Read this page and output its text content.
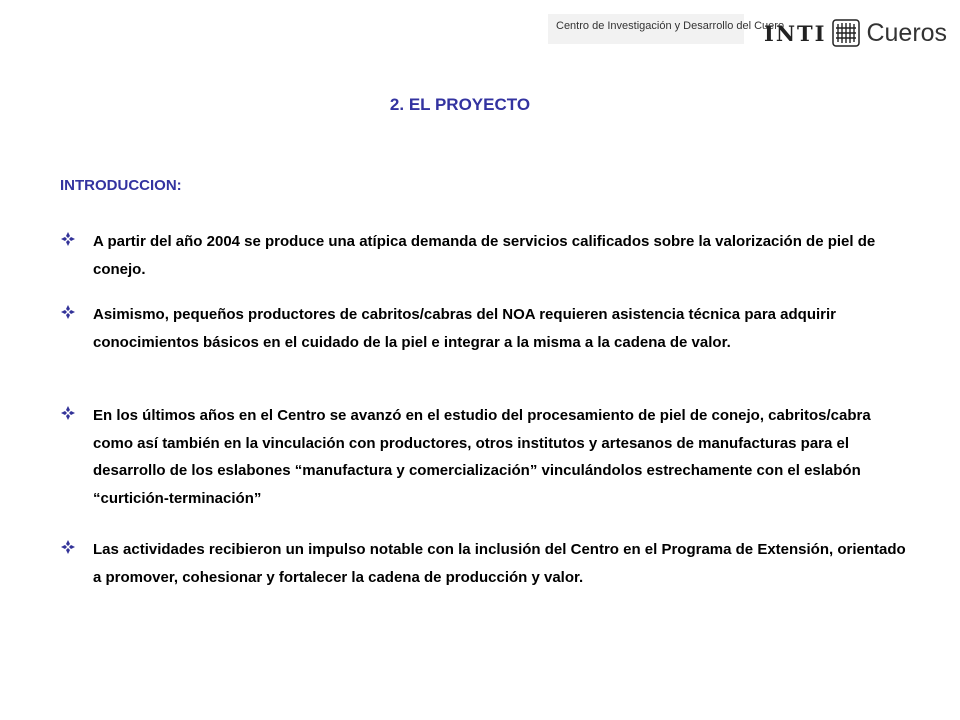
Centro de Investigación y Desarrollo del Cuero
INTI Cueros
2. EL PROYECTO
INTRODUCCION:
A partir del año 2004 se produce una atípica demanda de servicios calificados sobre la valorización de piel de conejo.
Asimismo, pequeños productores de cabritos/cabras del NOA requieren asistencia técnica para adquirir conocimientos básicos en el cuidado de la piel e integrar a la misma a la cadena de valor.
En los últimos años en el Centro se avanzó en el estudio del procesamiento de piel de conejo, cabritos/cabra como así también en la vinculación con productores, otros institutos y artesanos de manufacturas para el desarrollo de los eslabones “manufactura y comercialización” vinculándolos estrechamente con el eslabón “curtición-terminación”
Las actividades recibieron un impulso notable con la inclusión del Centro en el Programa de Extensión, orientado a promover, cohesionar y fortalecer la cadena de producción y valor.
